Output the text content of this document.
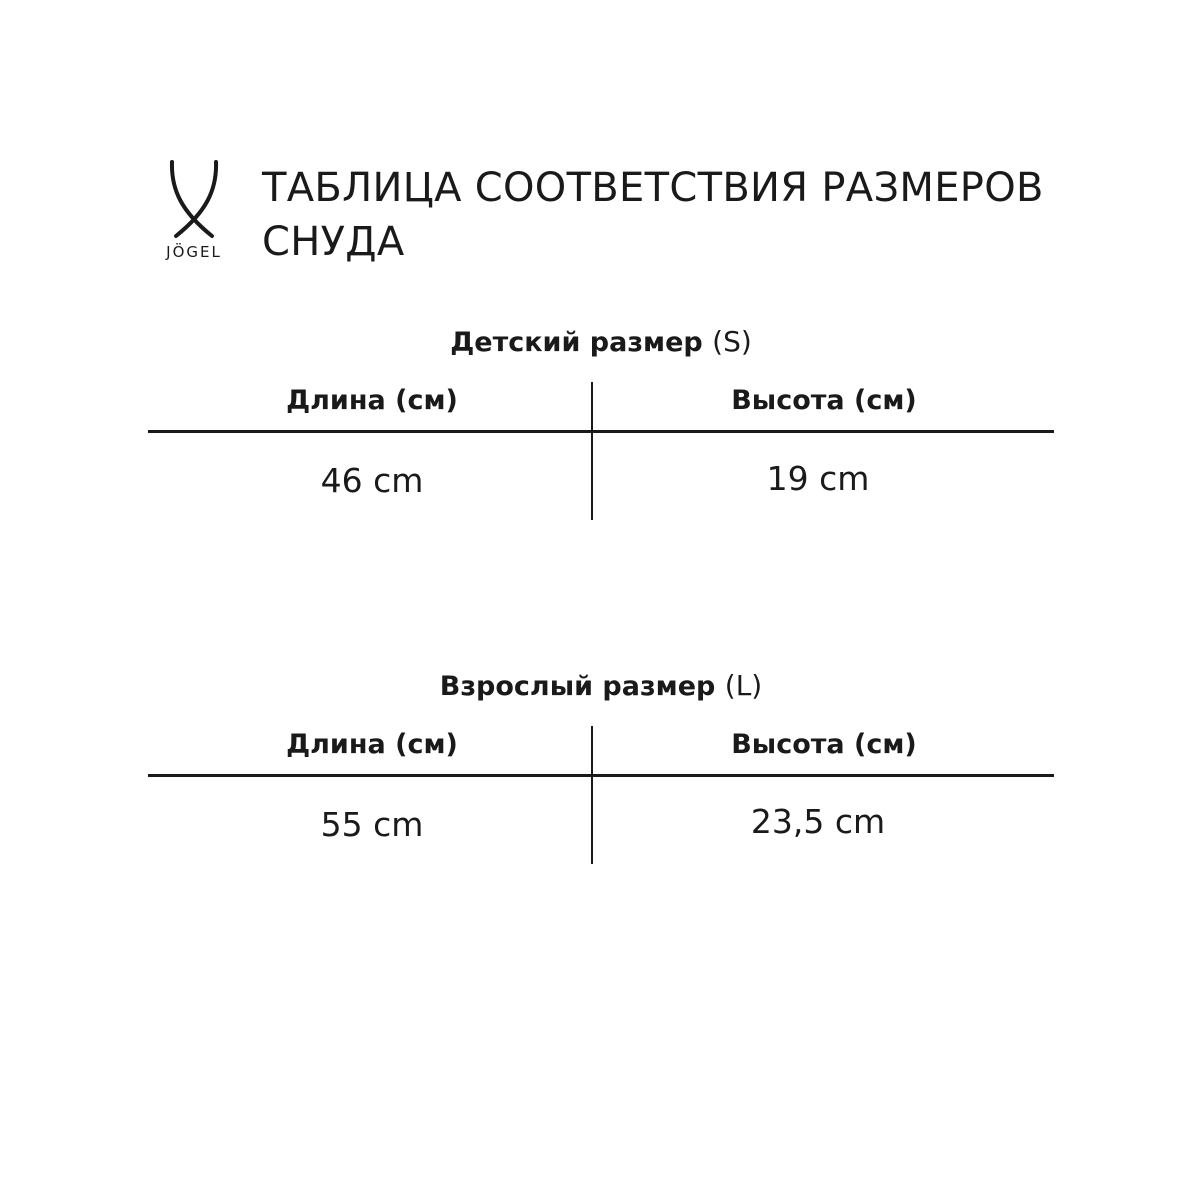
JÖGEL
ТАБЛИЦА СООТВЕТСТВИЯ РАЗМЕРОВ
СНУДА
Детский размер (S)
Длина (см)	Высота (см)
46 cm	19 cm
Взрослый размер (L)
Длина (см)	Высота (см)
55 cm	23,5 cm
